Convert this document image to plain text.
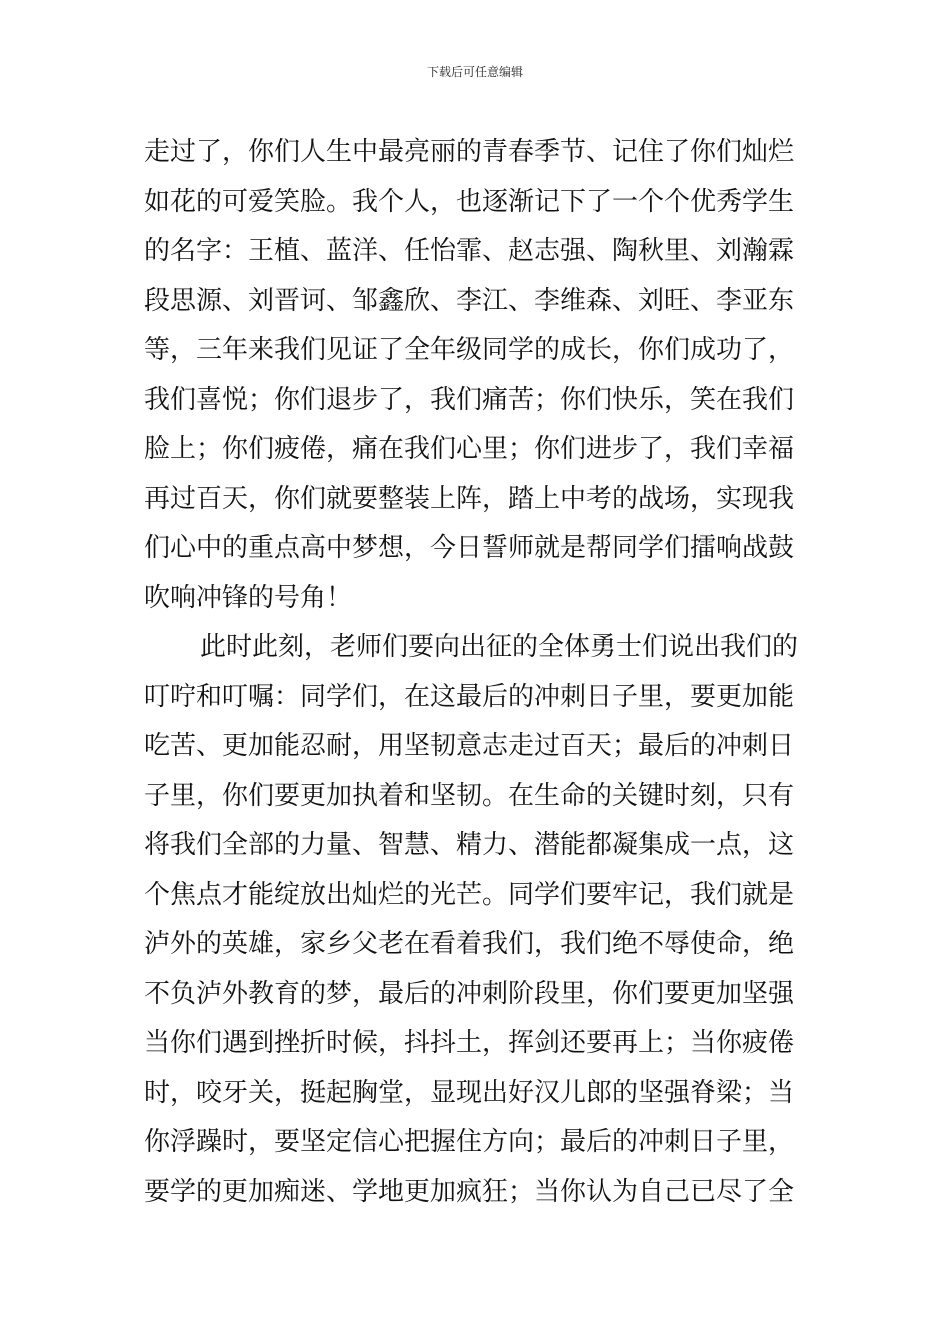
下载后可任意编辑
走过了，你们人生中最亮丽的青春季节、记住了你们灿烂
如花的可爱笑脸。我个人，也逐渐记下了一个个优秀学生
的名字：王植、蓝洋、任怡霏、赵志强、陶秋里、刘瀚霖
段思源、刘晋诃、邹鑫欣、李江、李维森、刘旺、李亚东
等，三年来我们见证了全年级同学的成长，你们成功了，
我们喜悦；你们退步了，我们痛苦；你们快乐，笑在我们
脸上；你们疲倦，痛在我们心里；你们进步了，我们幸福
再过百天，你们就要整装上阵，踏上中考的战场，实现我
们心中的重点高中梦想，今日誓师就是帮同学们擂响战鼓
吹响冲锋的号角！
此时此刻，老师们要向出征的全体勇士们说出我们的
叮咛和叮嘱：同学们，在这最后的冲刺日子里，要更加能
吃苦、更加能忍耐，用坚韧意志走过百天；最后的冲刺日
子里，你们要更加执着和坚韧。在生命的关键时刻，只有
将我们全部的力量、智慧、精力、潜能都凝集成一点，这
个焦点才能绽放出灿烂的光芒。同学们要牢记，我们就是
泸外的英雄，家乡父老在看着我们，我们绝不辱使命，绝
不负泸外教育的梦，最后的冲刺阶段里，你们要更加坚强
当你们遇到挫折时候，抖抖土，挥剑还要再上；当你疲倦
时，咬牙关，挺起胸堂，显现出好汉儿郎的坚强脊梁；当
你浮躁时，要坚定信心把握住方向；最后的冲刺日子里，
要学的更加痴迷、学地更加疯狂；当你认为自己已尽了全
